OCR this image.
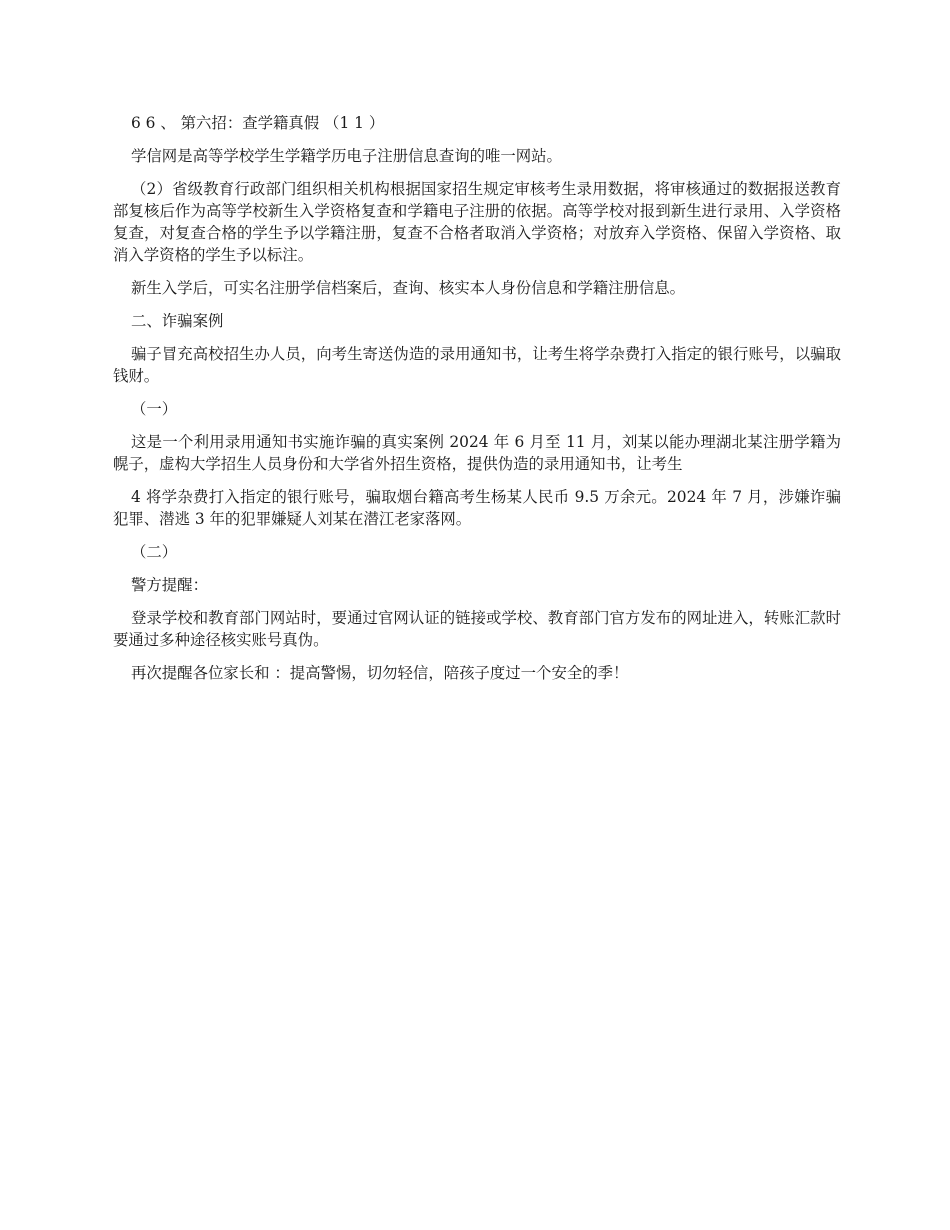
6 6 、 第六招：查学籍真假 （1 1 ）

学信网是高等学校学生学籍学历电子注册信息查询的唯一网站。

（2）省级教育行政部门组织相关机构根据国家招生规定审核考生录用数据，将审核通过的数据报送教育部复核后作为高等学校新生入学资格复查和学籍电子注册的依据。高等学校对报到新生进行录用、入学资格复查，对复查合格的学生予以学籍注册，复查不合格者取消入学资格；对放弃入学资格、保留入学资格、取消入学资格的学生予以标注。

新生入学后，可实名注册学信档案后，查询、核实本人身份信息和学籍注册信息。

二、诈骗案例

骗子冒充高校招生办人员，向考生寄送伪造的录用通知书，让考生将学杂费打入指定的银行账号，以骗取钱财。

（一）

这是一个利用录用通知书实施诈骗的真实案例 2024 年 6 月至 11 月，刘某以能办理湖北某注册学籍为幌子，虚构大学招生人员身份和大学省外招生资格，提供伪造的录用通知书，让考生

4 将学杂费打入指定的银行账号，骗取烟台籍高考生杨某人民币 9.5 万余元。2024 年 7 月，涉嫌诈骗犯罪、潜逃 3 年的犯罪嫌疑人刘某在潜江老家落网。

（二）

警方提醒：

登录学校和教育部门网站时，要通过官网认证的链接或学校、教育部门官方发布的网址进入，转账汇款时要通过多种途径核实账号真伪。

再次提醒各位家长和 ：提高警惕，切勿轻信，陪孩子度过一个安全的季！
